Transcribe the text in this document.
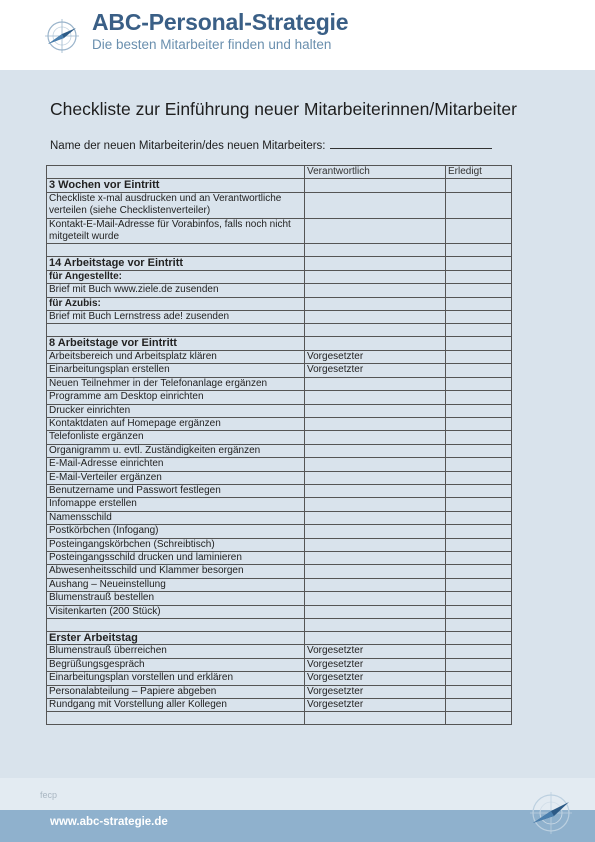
ABC-Personal-Strategie
Die besten Mitarbeiter finden und halten
Checkliste zur Einführung neuer Mitarbeiterinnen/Mitarbeiter
Name der neuen Mitarbeiterin/des neuen Mitarbeiters:
	Verantwortlich	Erledigt
3 Wochen vor Eintritt		
Checkliste x-mal ausdrucken und an Verantwortliche verteilen (siehe Checklistenverteiler)		
Kontakt-E-Mail-Adresse für Vorabinfos, falls noch nicht mitgeteilt wurde		

14 Arbeitstage vor Eintritt		
für Angestellte:		
Brief mit Buch www.ziele.de zusenden		
für Azubis:		
Brief mit Buch Lernstress ade! zusenden		

8 Arbeitstage vor Eintritt		
Arbeitsbereich und Arbeitsplatz klären	Vorgesetzter	
Einarbeitungsplan erstellen	Vorgesetzter	
Neuen Teilnehmer in der Telefonanlage ergänzen		
Programme am Desktop einrichten		
Drucker einrichten		
Kontaktdaten auf Homepage ergänzen		
Telefonliste ergänzen		
Organigramm u. evtl. Zuständigkeiten ergänzen		
E-Mail-Adresse einrichten		
E-Mail-Verteiler ergänzen		
Benutzername und Passwort festlegen		
Infomappe erstellen		
Namensschild		
Postkörbchen (Infogang)		
Posteingangskörbchen (Schreibtisch)		
Posteingangsschild drucken und laminieren		
Abwesenheitsschild und Klammer besorgen		
Aushang – Neueinstellung		
Blumenstrauß bestellen		
Visitenkarten (200 Stück)		

Erster Arbeitstag		
Blumenstrauß überreichen	Vorgesetzter	
Begrüßungsgespräch	Vorgesetzter	
Einarbeitungsplan vorstellen und erklären	Vorgesetzter	
Personalabteilung – Papiere abgeben	Vorgesetzter	
Rundgang mit Vorstellung aller Kollegen	Vorgesetzter	

fecp
www.abc-strategie.de
